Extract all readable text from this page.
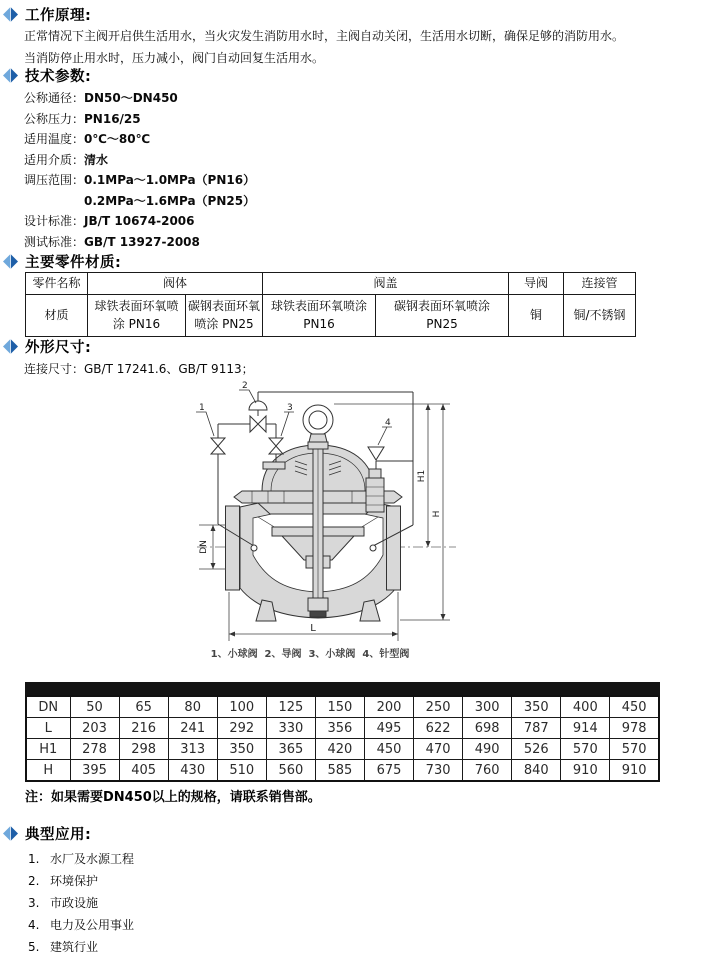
工作原理:
正常情况下主阀开启供生活用水，当火灾发生消防用水时，主阀自动关闭，生活用水切断，确保足够的消防用水。
当消防停止用水时，压力减小，阀门自动回复生活用水。
技术参数:
公称通径：DN50～DN450
公称压力：PN16/25
适用温度：0℃～80℃
适用介质：清水
调压范围：0.1MPa～1.0MPa（PN16）
0.2MPa～1.6MPa（PN25）
设计标准：JB/T 10674-2006
测试标准：GB/T 13927-2008
主要零件材质:
零件名称	阀体		阀盖		导阀	连接管
材质	球铁表面环氧喷涂 PN16	碳钢表面环氧喷涂 PN25	球铁表面环氧喷涂 PN16	碳钢表面环氧喷涂 PN25	铜	铜/不锈钢
外形尺寸:
连接尺寸：GB/T 17241.6、GB/T 9113；
1
2
3
4
DN
L
H1
H
1、小球阀  2、导阀  3、小球阀  4、针型阀
DN	50	65	80	100	125	150	200	250	300	350	400	450
L	203	216	241	292	330	356	495	622	698	787	914	978
H1	278	298	313	350	365	420	450	470	490	526	570	570
H	395	405	430	510	560	585	675	730	760	840	910	910
注：如果需要DN450以上的规格，请联系销售部。
典型应用:
1. 水厂及水源工程
2. 环境保护
3. 市政设施
4. 电力及公用事业
5. 建筑行业
